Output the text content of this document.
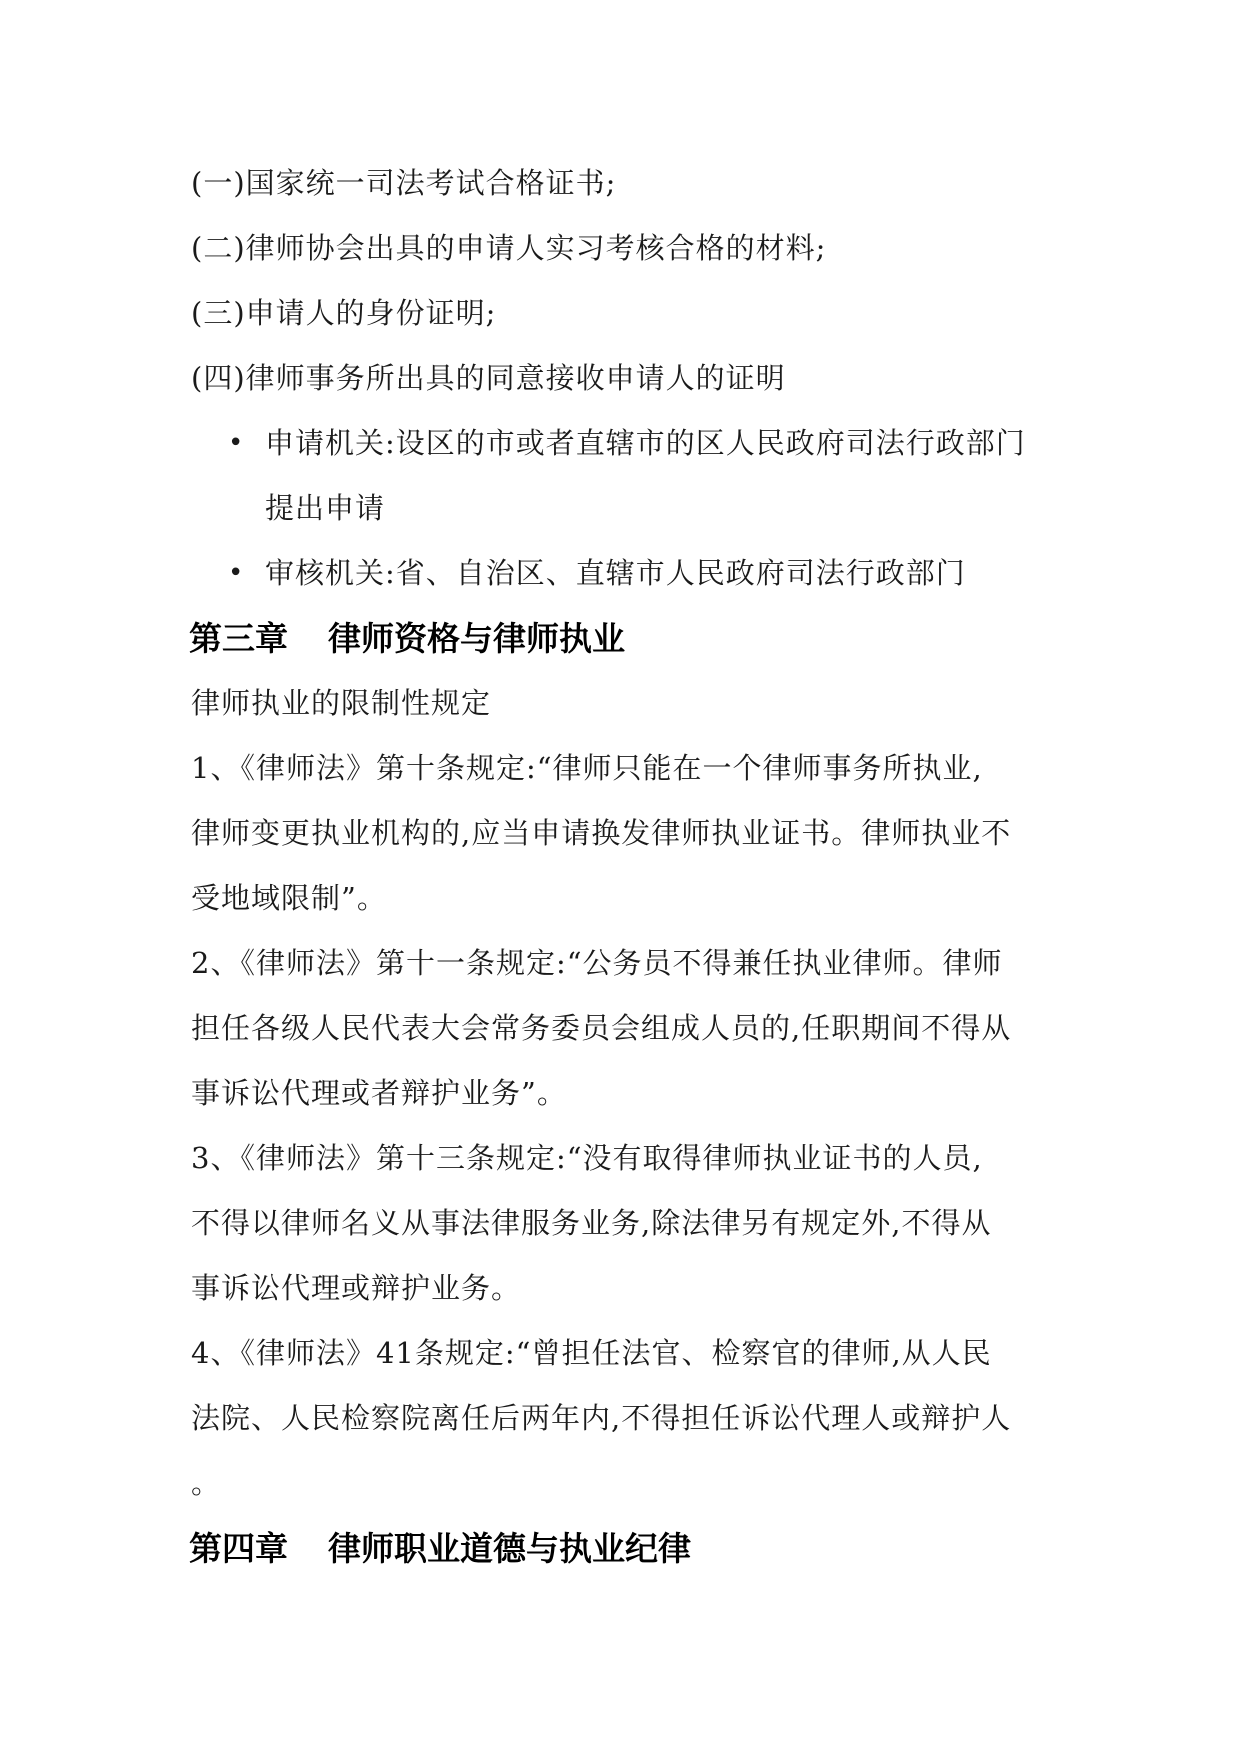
(一)国家统一司法考试合格证书;
(二)律师协会出具的申请人实习考核合格的材料;
(三)申请人的身份证明;
(四)律师事务所出具的同意接收申请人的证明
• 申请机关:设区的市或者直辖市的区人民政府司法行政部门
提出申请
• 审核机关:省、自治区、直辖市人民政府司法行政部门
第三章 律师资格与律师执业
律师执业的限制性规定
1、《律师法》第十条规定:“律师只能在一个律师事务所执业,
律师变更执业机构的,应当申请换发律师执业证书。律师执业不
受地域限制”。
2、《律师法》第十一条规定:“公务员不得兼任执业律师。律师
担任各级人民代表大会常务委员会组成人员的,任职期间不得从
事诉讼代理或者辩护业务”。
3、《律师法》第十三条规定:“没有取得律师执业证书的人员,
不得以律师名义从事法律服务业务,除法律另有规定外,不得从
事诉讼代理或辩护业务。
4、《律师法》41条规定:“曾担任法官、检察官的律师,从人民
法院、人民检察院离任后两年内,不得担任诉讼代理人或辩护人
。
第四章 律师职业道德与执业纪律
